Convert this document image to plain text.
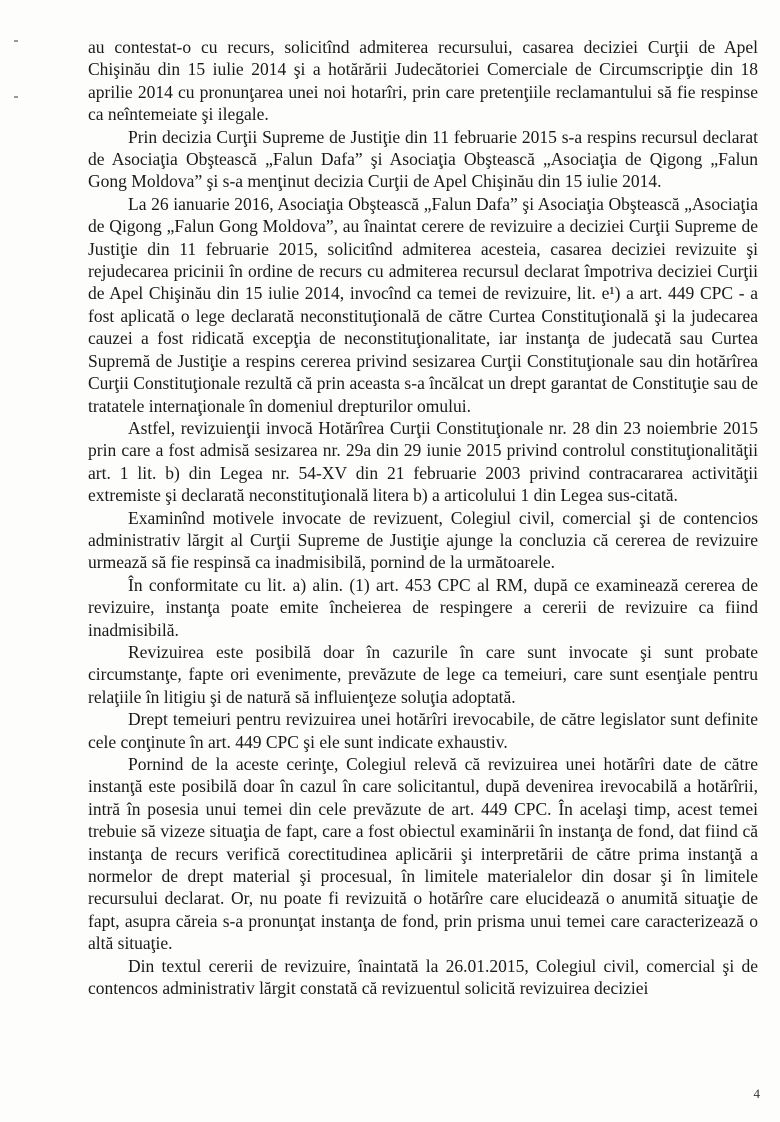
au contestat-o cu recurs, solicitînd admiterea recursului, casarea deciziei Curţii de Apel Chişinău din 15 iulie 2014 şi a hotărării Judecătoriei Comerciale de Circumscripţie din 18 aprilie 2014 cu pronunţarea unei noi hotarîri, prin care pretenţiile reclamantului să fie respinse ca neîntemeiate şi ilegale.

Prin decizia Curţii Supreme de Justiţie din 11 februarie 2015 s-a respins recursul declarat de Asociaţia Obştească „Falun Dafa” şi Asociaţia Obştească „Asociaţia de Qigong „Falun Gong Moldova” şi s-a menţinut decizia Curţii de Apel Chişinău din 15 iulie 2014.

La 26 ianuarie 2016, Asociaţia Obştească „Falun Dafa” şi Asociaţia Obştească „Asociaţia de Qigong „Falun Gong Moldova”, au înaintat cerere de revizuire a deciziei Curţii Supreme de Justiţie din 11 februarie 2015, solicitînd admiterea acesteia, casarea deciziei revizuite şi rejudecarea pricinii în ordine de recurs cu admiterea recursul declarat împotriva deciziei Curţii de Apel Chişinău din 15 iulie 2014, invocînd ca temei de revizuire, lit. e¹) a art. 449 CPC - a fost aplicată o lege declarată neconstituţională de către Curtea Constituţională şi la judecarea cauzei a fost ridicată excepţia de neconstituţionalitate, iar instanţa de judecată sau Curtea Supremă de Justiţie a respins cererea privind sesizarea Curţii Constituţionale sau din hotărîrea Curţii Constituţionale rezultă că prin aceasta s-a încălcat un drept garantat de Constituţie sau de tratatele internaţionale în domeniul drepturilor omului.

Astfel, revizuienţii invocă Hotărîrea Curţii Constituţionale nr. 28 din 23 noiembrie 2015 prin care a fost admisă sesizarea nr. 29a din 29 iunie 2015 privind controlul constituţionalităţii art. 1 lit. b) din Legea nr. 54-XV din 21 februarie 2003 privind contracararea activităţii extremiste şi declarată neconstituţională litera b) a articolului 1 din Legea sus-citată.

Examinînd motivele invocate de revizuent, Colegiul civil, comercial şi de contencios administrativ lărgit al Curţii Supreme de Justiţie ajunge la concluzia că cererea de revizuire urmează să fie respinsă ca inadmisibilă, pornind de la următoarele.

În conformitate cu lit. a) alin. (1) art. 453 CPC al RM, după ce examinează cererea de revizuire, instanţa poate emite încheierea de respingere a cererii de revizuire ca fiind inadmisibilă.

Revizuirea este posibilă doar în cazurile în care sunt invocate şi sunt probate circumstanţe, fapte ori evenimente, prevăzute de lege ca temeiuri, care sunt esenţiale pentru relaţiile în litigiu şi de natură să influienţeze soluţia adoptată.

Drept temeiuri pentru revizuirea unei hotărîri irevocabile, de către legislator sunt definite cele conţinute în art. 449 CPC şi ele sunt indicate exhaustiv.

Pornind de la aceste cerinţe, Colegiul relevă că revizuirea unei hotărîri date de către instanţă este posibilă doar în cazul în care solicitantul, după devenirea irevocabilă a hotărîrii, intră în posesia unui temei din cele prevăzute de art. 449 CPC. În acelaşi timp, acest temei trebuie să vizeze situaţia de fapt, care a fost obiectul examinării în instanţa de fond, dat fiind că instanţa de recurs verifică corectitudinea aplicării şi interpretării de către prima instanţă a normelor de drept material şi procesual, în limitele materialelor din dosar şi în limitele recursului declarat. Or, nu poate fi revizuită o hotărîre care elucidează o anumită situaţie de fapt, asupra căreia s-a pronunţat instanţa de fond, prin prisma unui temei care caracterizează o altă situaţie.

Din textul cererii de revizuire, înaintată la 26.01.2015, Colegiul civil, comercial şi de contencos administrativ lărgit constată că revizuentul solicită revizuirea deciziei

4
